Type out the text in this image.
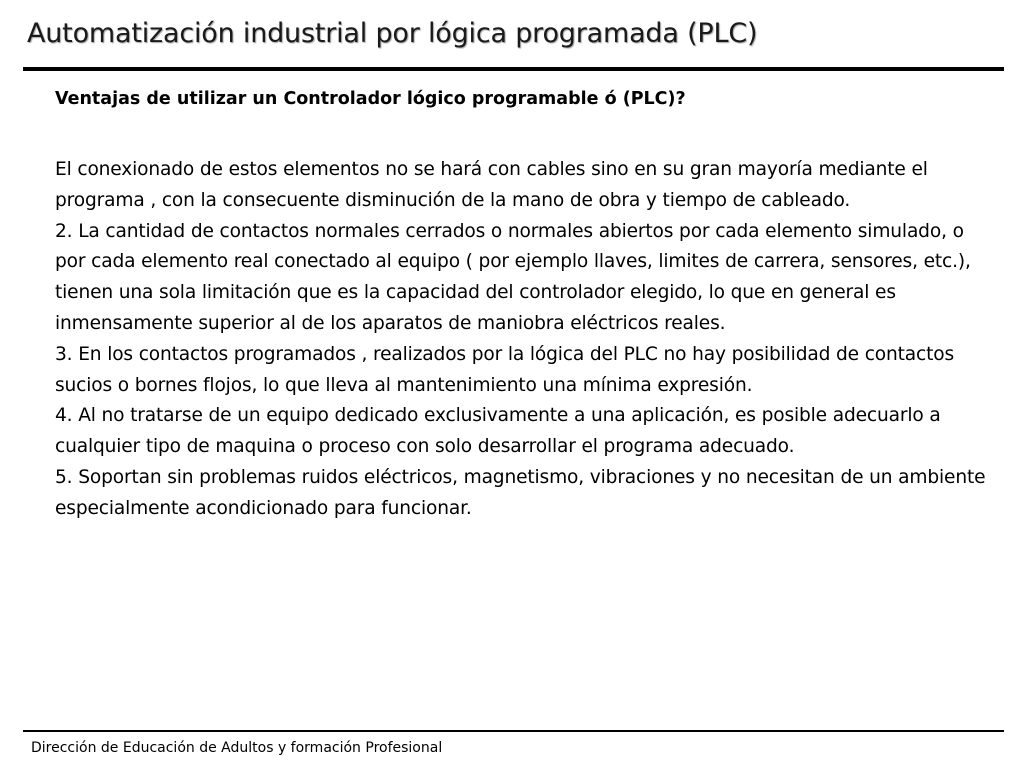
Automatización industrial por lógica programada (PLC)
Ventajas de utilizar un Controlador lógico programable ó (PLC)?

El conexionado de estos elementos no se hará con cables sino en su gran mayoría mediante el programa , con la consecuente disminución de la mano de obra y tiempo de cableado.

2. La cantidad de contactos normales cerrados o normales abiertos por cada elemento simulado, o por cada elemento real conectado al equipo ( por ejemplo llaves, limites de carrera, sensores, etc.), tienen una sola limitación que es la capacidad del controlador elegido, lo que en general es inmensamente superior al de los aparatos de maniobra eléctricos reales.

3. En los contactos programados , realizados por la lógica del PLC no hay posibilidad de contactos sucios o bornes flojos, lo que lleva al mantenimiento una mínima expresión.

4. Al no tratarse de un equipo dedicado exclusivamente a una aplicación, es posible adecuarlo a cualquier tipo de maquina o proceso con solo desarrollar el programa adecuado.

5. Soportan sin problemas ruidos eléctricos, magnetismo, vibraciones y no necesitan de un ambiente especialmente acondicionado para funcionar.

Dirección de Educación de Adultos y formación Profesional
